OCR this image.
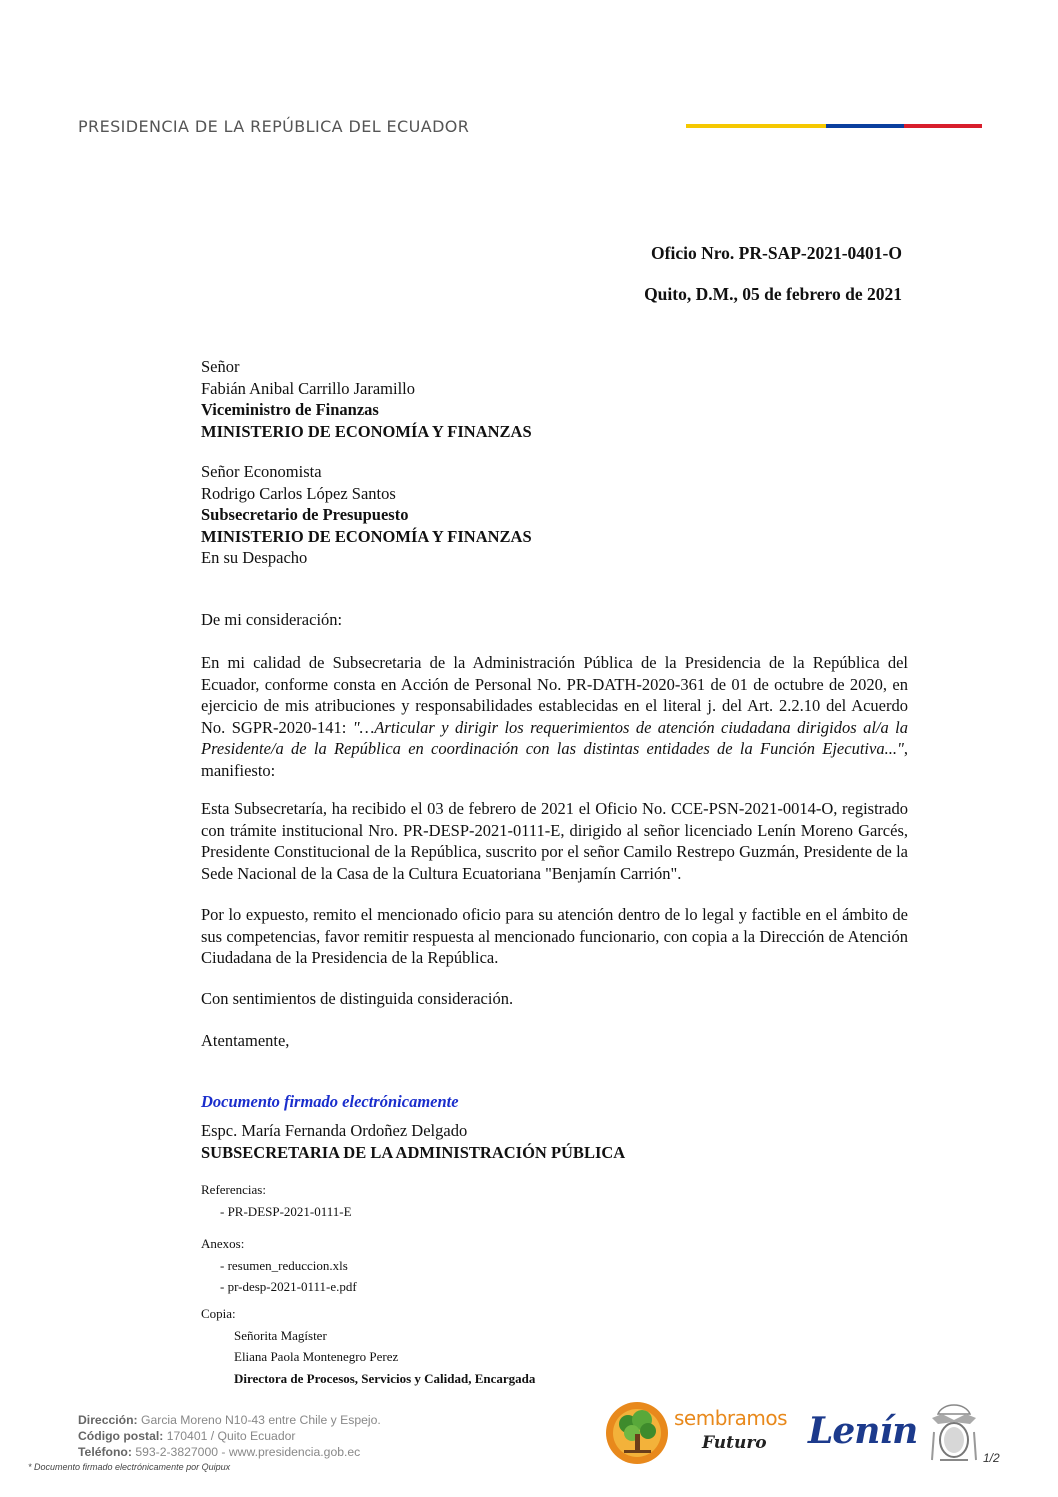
PRESIDENCIA DE LA REPÚBLICA DEL ECUADOR
Oficio Nro. PR-SAP-2021-0401-O
Quito, D.M., 05 de febrero de 2021
Señor
Fabián Anibal Carrillo Jaramillo
Viceministro de Finanzas
MINISTERIO DE ECONOMÍA Y FINANZAS
Señor Economista
Rodrigo Carlos López Santos
Subsecretario de Presupuesto
MINISTERIO DE ECONOMÍA Y FINANZAS
En su Despacho
De mi consideración:

En mi calidad de Subsecretaria de la Administración Pública de la Presidencia de la República del Ecuador, conforme consta en Acción de Personal No. PR-DATH-2020-361 de 01 de octubre de 2020, en ejercicio de mis atribuciones y responsabilidades establecidas en el literal j. del Art. 2.2.10 del Acuerdo No. SGPR-2020-141: "…Articular y dirigir los requerimientos de atención ciudadana dirigidos al/a la Presidente/a de la República en coordinación con las distintas entidades de la Función Ejecutiva...", manifiesto:

Esta Subsecretaría, ha recibido el 03 de febrero de 2021 el Oficio No. CCE-PSN-2021-0014-O, registrado con trámite institucional Nro. PR-DESP-2021-0111-E, dirigido al señor licenciado Lenín Moreno Garcés, Presidente Constitucional de la República, suscrito por el señor Camilo Restrepo Guzmán, Presidente de la Sede Nacional de la Casa de la Cultura Ecuatoriana "Benjamín Carrión".

Por lo expuesto, remito el mencionado oficio para su atención dentro de lo legal y factible en el ámbito de sus competencias, favor remitir respuesta al mencionado funcionario, con copia a la Dirección de Atención Ciudadana de la Presidencia de la República.

Con sentimientos de distinguida consideración.
Atentamente,
Documento firmado electrónicamente
Espc. María Fernanda Ordoñez Delgado
SUBSECRETARIA DE LA ADMINISTRACIÓN PÚBLICA
Referencias:
- PR-DESP-2021-0111-E
Anexos:
- resumen_reduccion.xls
- pr-desp-2021-0111-e.pdf
Copia:
Señorita Magíster
Eliana Paola Montenegro Perez
Directora de Procesos, Servicios y Calidad, Encargada
Dirección: Garcia Moreno N10-43 entre Chile y Espejo.
Código postal: 170401 / Quito Ecuador
Teléfono: 593-2-3827000 - www.presidencia.gob.ec
sembramos
Futuro Lenín
1/2
* Documento firmado electrónicamente por Quipux
